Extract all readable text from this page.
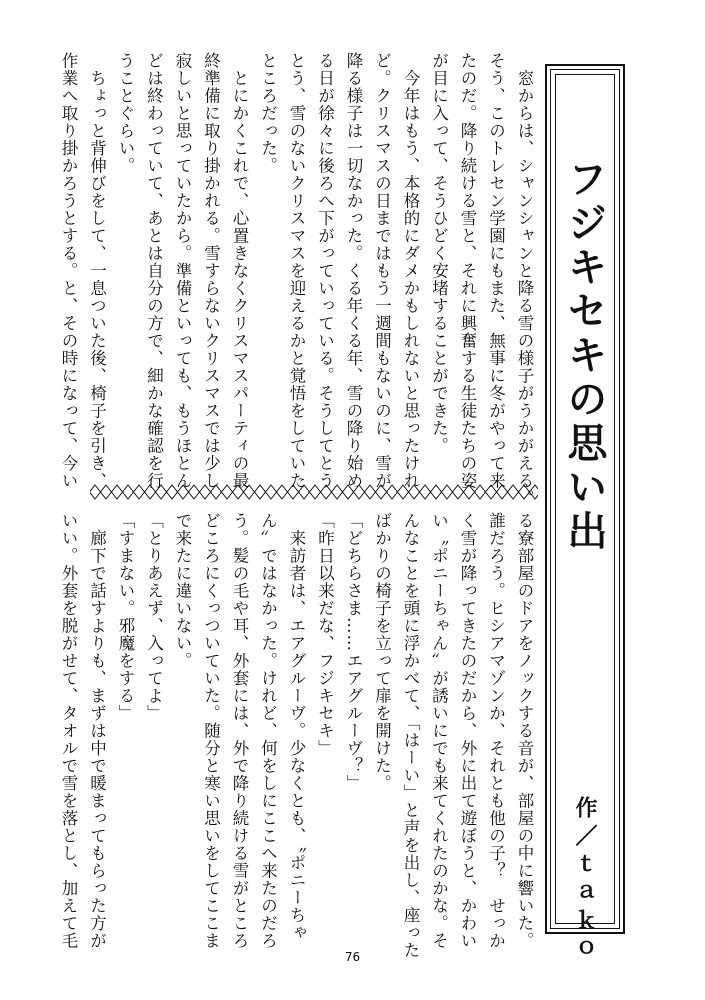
フジキセキの思い出
作／ｔａｋｏ
　窓からは、シャンシャンと降る雪の様子がうかがえる。
そう、このトレセン学園にもまた、無事に冬がやって来
たのだ。降り続ける雪と、それに興奮する生徒たちの姿
が目に入って、そうひどく安堵することができた。
　今年はもう、本格的にダメかもしれないと思ったけれ
ど。クリスマスの日まではもう一週間もないのに、雪が
降る様子は一切なかった。くる年くる年、雪の降り始め
る日が徐々に後ろへ下がっていっている。そうしてとう
とう、雪のないクリスマスを迎えるかと覚悟をしていた
ところだった。
　とにかくこれで、心置きなくクリスマスパーティの最
終準備に取り掛かれる。雪すらないクリスマスでは少し
寂しいと思っていたから。準備といっても、もうほとん
どは終わっていて、あとは自分の方で、細かな確認を行
うことぐらい。
　ちょっと背伸びをして、一息ついた後、椅子を引き、
作業へ取り掛かろうとする。と、その時になって、今い
る寮部屋のドアをノックする音が、部屋の中に響いた。
誰だろう。ヒシアマゾンか、それとも他の子？　せっか
く雪が降ってきたのだから、外に出て遊ぼうと、かわい
い〝ポニーちゃん〟が誘いにでも来てくれたのかな。そ
んなことを頭に浮かべて、「はーい」と声を出し、座った
ばかりの椅子を立って扉を開けた。
「どちらさま……エアグルーヴ？」
「昨日以来だな、フジキセキ」
　来訪者は、エアグルーヴ。少なくとも、〝ポニーちゃ
ん〟ではなかった。けれど、何をしにここへ来たのだろ
う。髪の毛や耳、外套には、外で降り続ける雪がところ
どころにくっついていた。随分と寒い思いをしてここま
で来たに違いない。
「とりあえず、入ってよ」
「すまない。邪魔をする」
　廊下で話すよりも、まずは中で暖まってもらった方が
いい。外套を脱がせて、タオルで雪を落とし、加えて毛
76
